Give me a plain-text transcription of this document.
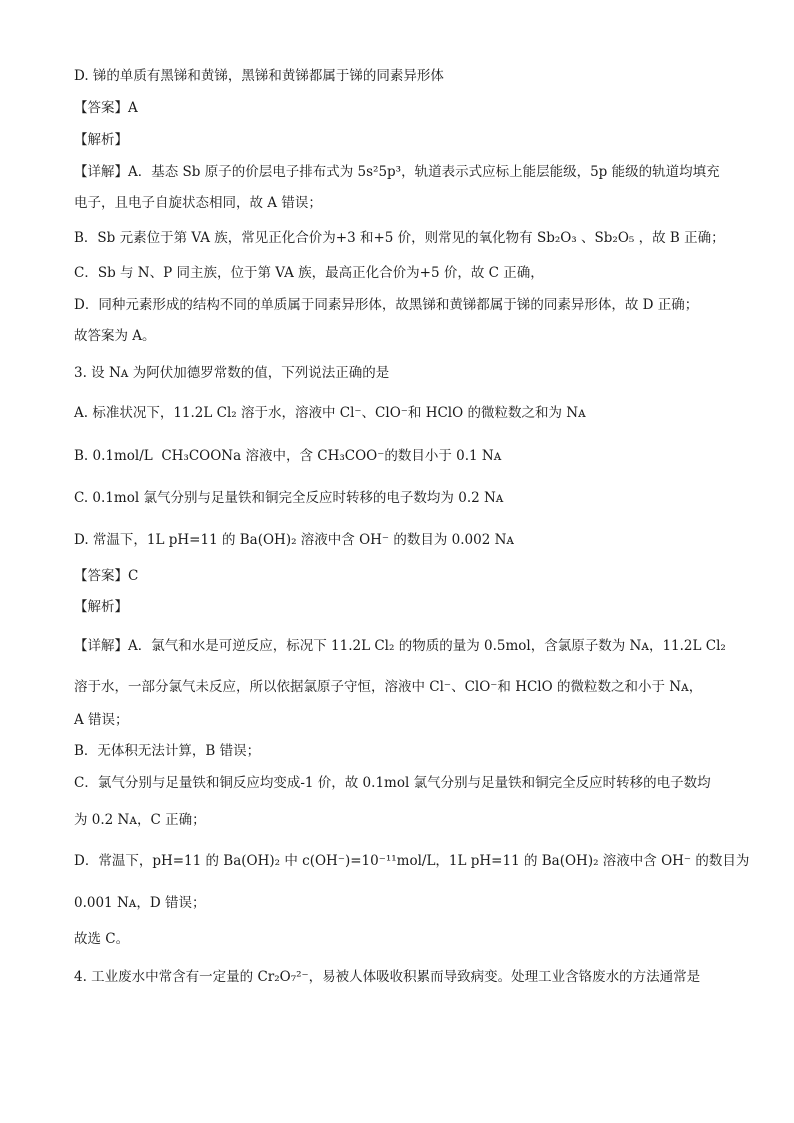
D. 锑的单质有黑锑和黄锑，黑锑和黄锑都属于锑的同素异形体
【答案】A
【解析】
【详解】A．基态 Sb 原子的价层电子排布式为 5s²5p³，轨道表示式应标上能层能级，5p 能级的轨道均填充
电子，且电子自旋状态相同，故 A 错误；
B．Sb 元素位于第 VA 族，常见正化合价为+3 和+5 价，则常见的氧化物有 Sb₂O₃ 、Sb₂O₅ ，故 B 正确；
C．Sb 与 N、P 同主族，位于第 VA 族，最高正化合价为+5 价，故 C 正确，
D．同种元素形成的结构不同的单质属于同素异形体，故黑锑和黄锑都属于锑的同素异形体，故 D 正确；
故答案为 A。
3. 设 Nᴀ 为阿伏加德罗常数的值，下列说法正确的是
A. 标准状况下，11.2L Cl₂ 溶于水，溶液中 Cl⁻、ClO⁻和 HClO 的微粒数之和为 Nᴀ
B. 0.1mol/L  CH₃COONa 溶液中，含 CH₃COO⁻的数目小于 0.1 Nᴀ
C. 0.1mol 氯气分别与足量铁和铜完全反应时转移的电子数均为 0.2 Nᴀ
D. 常温下，1L pH=11 的 Ba(OH)₂ 溶液中含 OH⁻ 的数目为 0.002 Nᴀ
【答案】C
【解析】
【详解】A．氯气和水是可逆反应，标况下 11.2L Cl₂ 的物质的量为 0.5mol，含氯原子数为 Nᴀ，11.2L Cl₂
溶于水，一部分氯气未反应，所以依据氯原子守恒，溶液中 Cl⁻、ClO⁻和 HClO 的微粒数之和小于 Nᴀ，
A 错误；
B．无体积无法计算，B 错误；
C．氯气分别与足量铁和铜反应均变成-1 价，故 0.1mol 氯气分别与足量铁和铜完全反应时转移的电子数均
为 0.2 Nᴀ，C 正确；
D．常温下，pH=11 的 Ba(OH)₂ 中 c(OH⁻)=10⁻¹¹mol/L，1L pH=11 的 Ba(OH)₂ 溶液中含 OH⁻ 的数目为
0.001 Nᴀ，D 错误；
故选 C。
4. 工业废水中常含有一定量的 Cr₂O₇²⁻，易被人体吸收积累而导致病变。处理工业含铬废水的方法通常是
